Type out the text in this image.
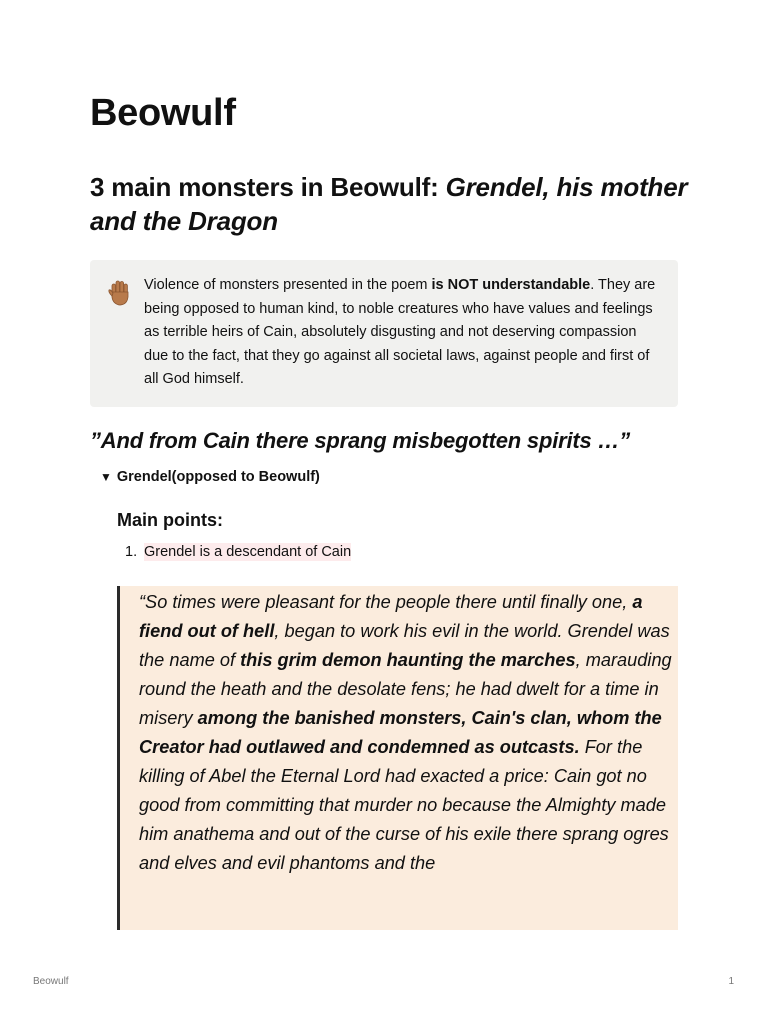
Beowulf
3 main monsters in Beowulf: Grendel, his mother and the Dragon

Violence of monsters presented in the poem is NOT understandable. They are being opposed to human kind, to noble creatures who have values and feelings as terrible heirs of Cain, absolutely disgusting and not deserving compassion due to the fact, that they go against all societal laws, against people and first of all God himself.

”And from Cain there sprang misbegotten spirits …”
▼ Grendel(opposed to Beowulf)
Main points:
1. Grendel is a descendant of Cain

“So times were pleasant for the people there until finally one, a fiend out of hell, began to work his evil in the world. Grendel was the name of this grim demon haunting the marches, marauding round the heath and the desolate fens; he had dwelt for a time in misery among the banished monsters, Cain's clan, whom the Creator had outlawed and condemned as outcasts. For the killing of Abel the Eternal Lord had exacted a price: Cain got no good from committing that murder no because the Almighty made him anathema and out of the curse of his exile there sprang ogres and elves and evil phantoms and the

Beowulf	1
